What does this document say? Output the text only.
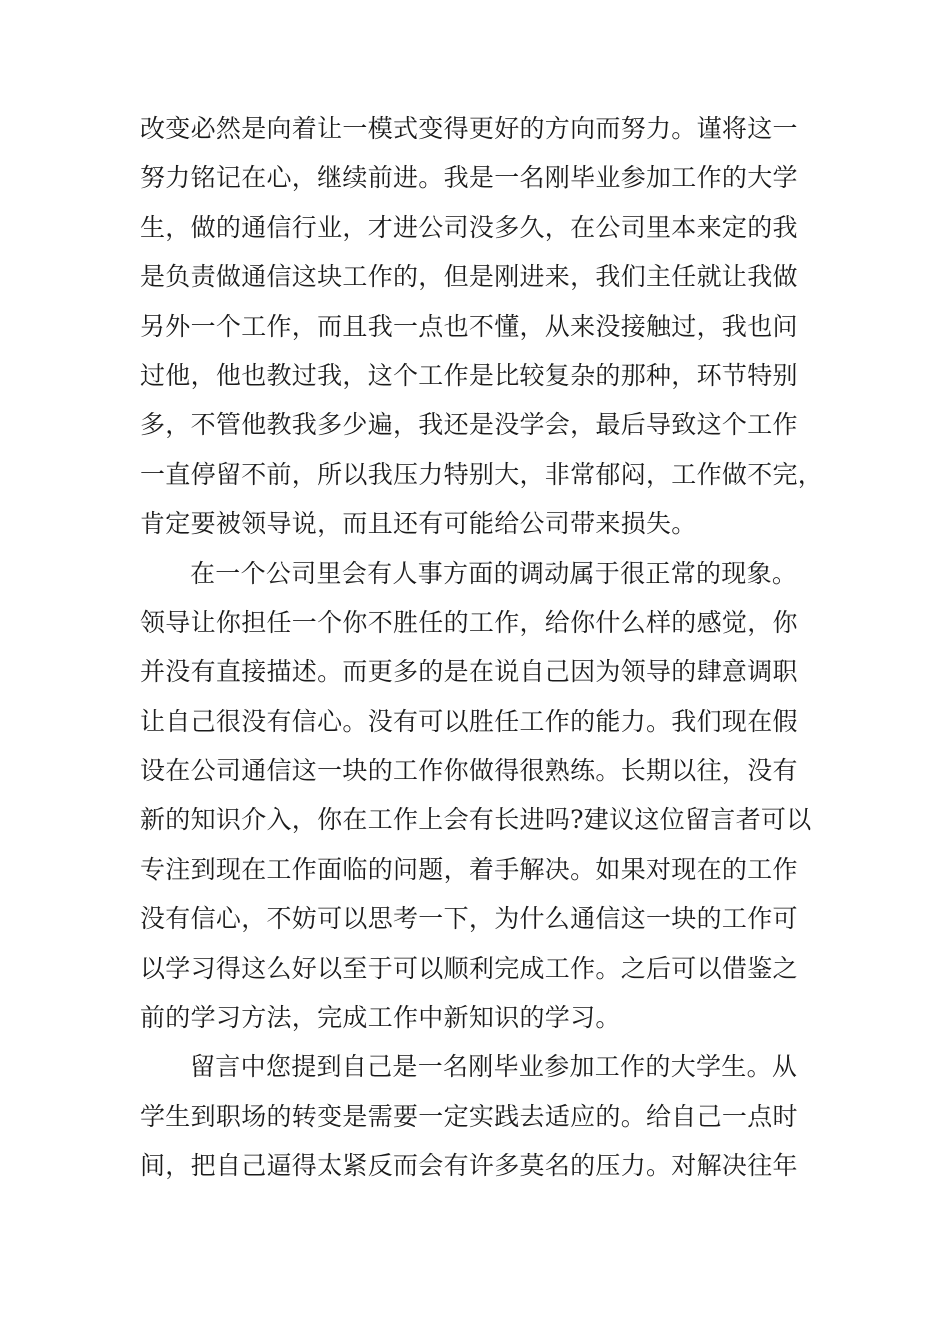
改变必然是向着让一模式变得更好的方向而努力。谨将这一
努力铭记在心，继续前进。我是一名刚毕业参加工作的大学
生，做的通信行业，才进公司没多久，在公司里本来定的我
是负责做通信这块工作的，但是刚进来，我们主任就让我做
另外一个工作，而且我一点也不懂，从来没接触过，我也问
过他，他也教过我，这个工作是比较复杂的那种，环节特别
多，不管他教我多少遍，我还是没学会，最后导致这个工作
一直停留不前，所以我压力特别大，非常郁闷，工作做不完，
肯定要被领导说，而且还有可能给公司带来损失。
在一个公司里会有人事方面的调动属于很正常的现象。
领导让你担任一个你不胜任的工作，给你什么样的感觉，你
并没有直接描述。而更多的是在说自己因为领导的肆意调职
让自己很没有信心。没有可以胜任工作的能力。我们现在假
设在公司通信这一块的工作你做得很熟练。长期以往，没有
新的知识介入，你在工作上会有长进吗?建议这位留言者可以
专注到现在工作面临的问题，着手解决。如果对现在的工作
没有信心，不妨可以思考一下，为什么通信这一块的工作可
以学习得这么好以至于可以顺利完成工作。之后可以借鉴之
前的学习方法，完成工作中新知识的学习。
留言中您提到自己是一名刚毕业参加工作的大学生。从
学生到职场的转变是需要一定实践去适应的。给自己一点时
间，把自己逼得太紧反而会有许多莫名的压力。对解决往年
